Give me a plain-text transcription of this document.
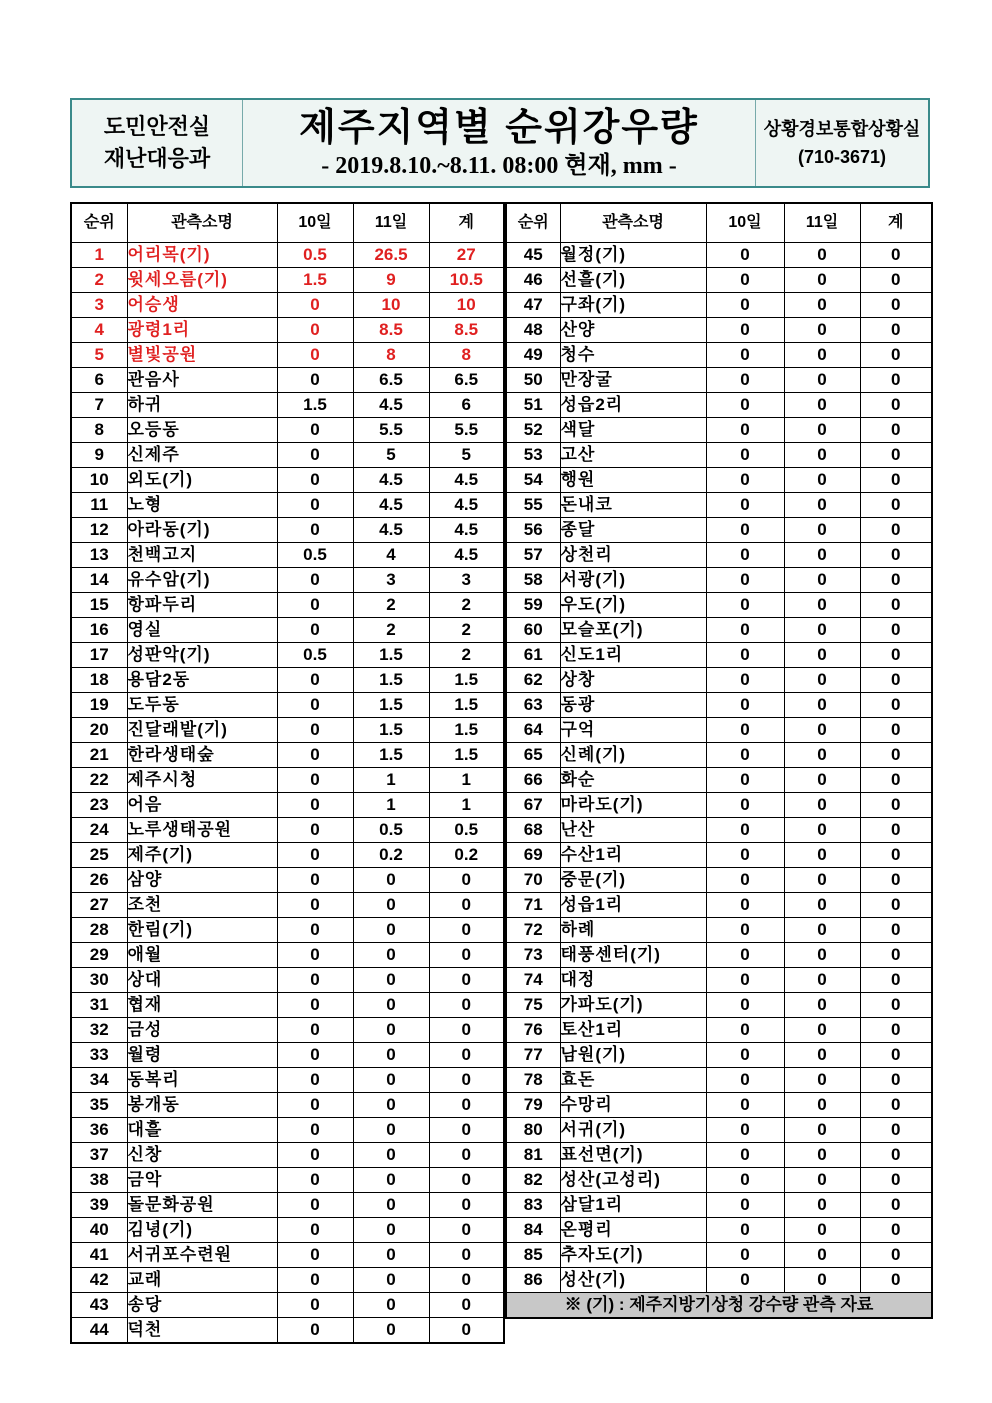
도민안전실
재난대응과
제주지역별 순위강우량
- 2019.8.10.~8.11. 08:00 현재, mm -
상황경보통합상황실
(710-3671)
순위	관측소명	10일	11일	계
1	어리목(기)	0.5	26.5	27
2	윗세오름(기)	1.5	9	10.5
3	어승생	0	10	10
4	광령1리	0	8.5	8.5
5	별빛공원	0	8	8
6	관음사	0	6.5	6.5
7	하귀	1.5	4.5	6
8	오등동	0	5.5	5.5
9	신제주	0	5	5
10	외도(기)	0	4.5	4.5
11	노형	0	4.5	4.5
12	아라동(기)	0	4.5	4.5
13	천백고지	0.5	4	4.5
14	유수암(기)	0	3	3
15	항파두리	0	2	2
16	영실	0	2	2
17	성판악(기)	0.5	1.5	2
18	용담2동	0	1.5	1.5
19	도두동	0	1.5	1.5
20	진달래밭(기)	0	1.5	1.5
21	한라생태숲	0	1.5	1.5
22	제주시청	0	1	1
23	어음	0	1	1
24	노루생태공원	0	0.5	0.5
25	제주(기)	0	0.2	0.2
26	삼양	0	0	0
27	조천	0	0	0
28	한림(기)	0	0	0
29	애월	0	0	0
30	상대	0	0	0
31	협재	0	0	0
32	금성	0	0	0
33	월령	0	0	0
34	동복리	0	0	0
35	봉개동	0	0	0
36	대흘	0	0	0
37	신창	0	0	0
38	금악	0	0	0
39	돌문화공원	0	0	0
40	김녕(기)	0	0	0
41	서귀포수련원	0	0	0
42	교래	0	0	0
43	송당	0	0	0
44	덕천	0	0	0
순위	관측소명	10일	11일	계
45	월정(기)	0	0	0
46	선흘(기)	0	0	0
47	구좌(기)	0	0	0
48	산양	0	0	0
49	청수	0	0	0
50	만장굴	0	0	0
51	성읍2리	0	0	0
52	색달	0	0	0
53	고산	0	0	0
54	행원	0	0	0
55	돈내코	0	0	0
56	종달	0	0	0
57	상천리	0	0	0
58	서광(기)	0	0	0
59	우도(기)	0	0	0
60	모슬포(기)	0	0	0
61	신도1리	0	0	0
62	상창	0	0	0
63	동광	0	0	0
64	구억	0	0	0
65	신례(기)	0	0	0
66	화순	0	0	0
67	마라도(기)	0	0	0
68	난산	0	0	0
69	수산1리	0	0	0
70	중문(기)	0	0	0
71	성읍1리	0	0	0
72	하례	0	0	0
73	태풍센터(기)	0	0	0
74	대정	0	0	0
75	가파도(기)	0	0	0
76	토산1리	0	0	0
77	남원(기)	0	0	0
78	효돈	0	0	0
79	수망리	0	0	0
80	서귀(기)	0	0	0
81	표선면(기)	0	0	0
82	성산(고성리)	0	0	0
83	삼달1리	0	0	0
84	온평리	0	0	0
85	추자도(기)	0	0	0
86	성산(기)	0	0	0
※ (기) : 제주지방기상청 강수량 관측 자료				
